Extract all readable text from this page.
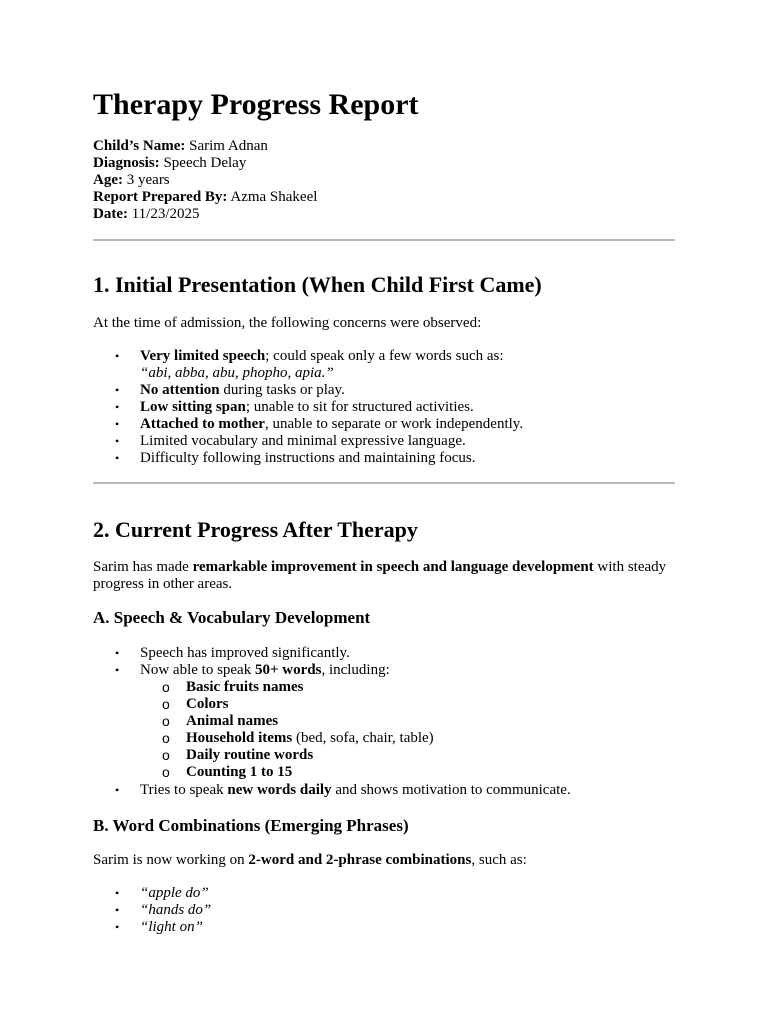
Therapy Progress Report
Child’s Name: Sarim Adnan
Diagnosis: Speech Delay
Age: 3 years
Report Prepared By: Azma Shakeel
Date: 11/23/2025
1. Initial Presentation (When Child First Came)

At the time of admission, the following concerns were observed:

• Very limited speech; could speak only a few words such as:
“abi, abba, abu, phopho, apia.”
• No attention during tasks or play.
• Low sitting span; unable to sit for structured activities.
• Attached to mother, unable to separate or work independently.
• Limited vocabulary and minimal expressive language.
• Difficulty following instructions and maintaining focus.
2. Current Progress After Therapy

Sarim has made remarkable improvement in speech and language development with steady progress in other areas.

A. Speech & Vocabulary Development
• Speech has improved significantly.
• Now able to speak 50+ words, including:
o Basic fruits names
o Colors
o Animal names
o Household items (bed, sofa, chair, table)
o Daily routine words
o Counting 1 to 15
• Tries to speak new words daily and shows motivation to communicate.
B. Word Combinations (Emerging Phrases)

Sarim is now working on 2-word and 2-phrase combinations, such as:

• “apple do”
• “hands do”
• “light on”
